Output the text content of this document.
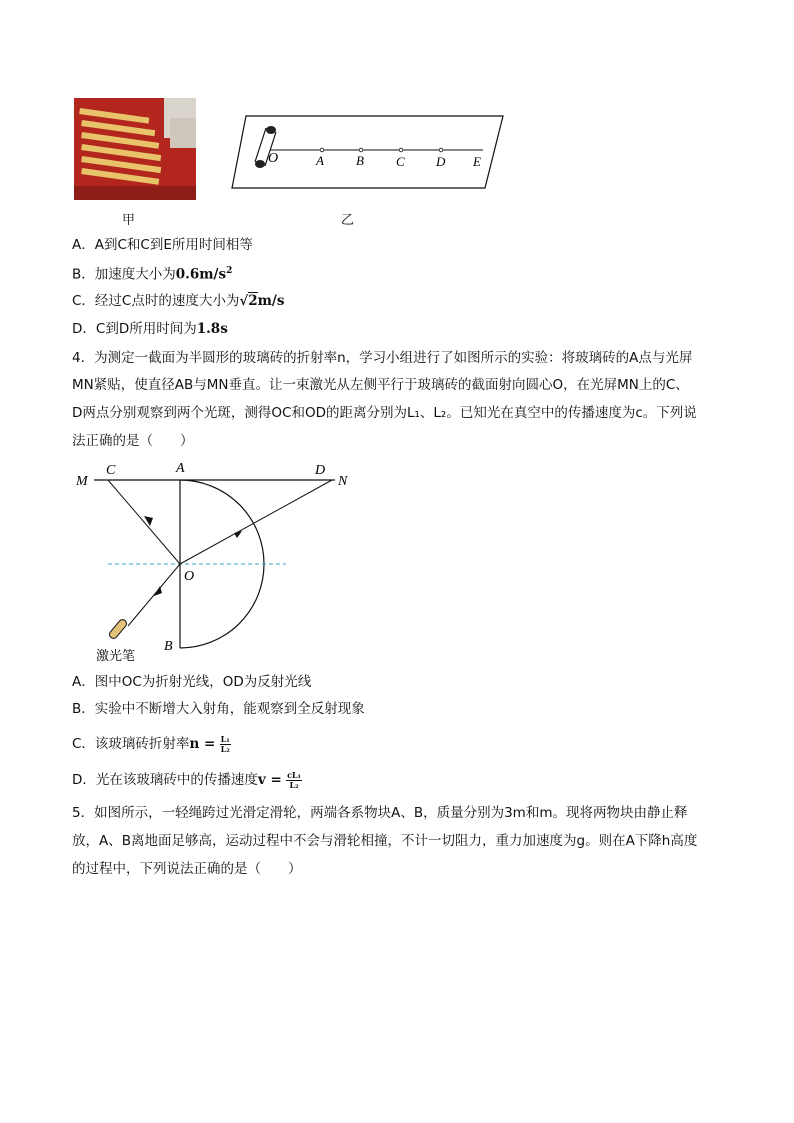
甲
O	A B C D E
乙
A．A到C和C到E所用时间相等
B．加速度大小为$0.6m/s^2$
C．经过C点时的速度大小为√2m/s
D．C到D所用时间为1.8s
4．为测定一截面为半圆形的玻璃砖的折射率n，学习小组进行了如图所示的实验：将玻璃砖的A点与光屏
MN紧贴，使直径AB与MN垂直。让一束激光从左侧平行于玻璃砖的截面射向圆心O，在光屏MN上的C、
D两点分别观察到两个光斑，测得OC和OD的距离分别为L₁、L₂。已知光在真空中的传播速度为c。下列说
法正确的是（　　）
M
C	A	D
N
O
B
激光笔
A．图中OC为折射光线，OD为反射光线
B．实验中不断增大入射角，能观察到全反射现象
C．该玻璃砖折射率$n = \frac{\text{L₁}}{\text{L₂}}$
D．光在该玻璃砖中的传播速度$v = \frac{\text{cL₁}}{\text{L₂}}$
5．如图所示，一轻绳跨过光滑定滑轮，两端各系物块A、B，质量分别为3m和m。现将两物块由静止释
放，A、B离地面足够高，运动过程中不会与滑轮相撞，不计一切阻力，重力加速度为g。则在A下降h高度
的过程中，下列说法正确的是（　　）
